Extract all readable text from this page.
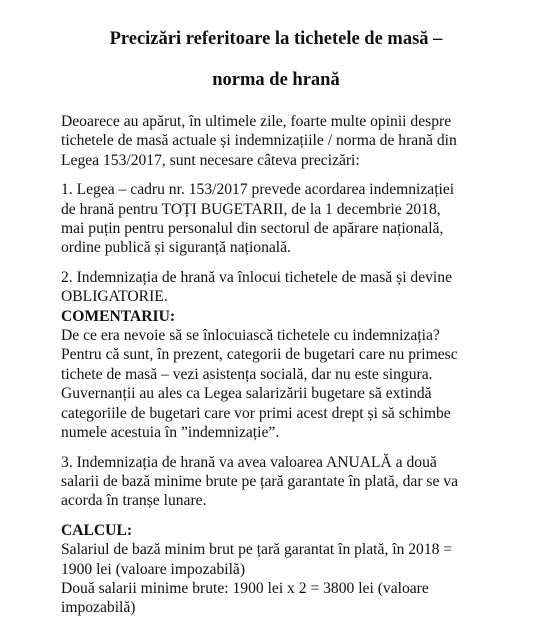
Precizări referitoare la tichetele de masă –

norma de hrană

Deoarece au apărut, în ultimele zile, foarte multe opinii despre
tichetele de masă actuale și indemnizațiile / norma de hrană din
Legea 153/2017, sunt necesare câteva precizări:

1. Legea – cadru nr. 153/2017 prevede acordarea indemnizației
de hrană pentru TOȚI BUGETARII, de la 1 decembrie 2018,
mai puțin pentru personalul din sectorul de apărare națională,
ordine publică și siguranță națională.

2. Indemnizația de hrană va înlocui tichetele de masă și devine
OBLIGATORIE.
COMENTARIU:
De ce era nevoie să se înlocuiască tichetele cu indemnizația?
Pentru că sunt, în prezent, categorii de bugetari care nu primesc
tichete de masă – vezi asistența socială, dar nu este singura.
Guvernanții au ales ca Legea salarizării bugetare să extindă
categoriile de bugetari care vor primi acest drept și să schimbe
numele acestuia în ”indemnizație”.

3. Indemnizația de hrană va avea valoarea ANUALĂ a două
salarii de bază minime brute pe țară garantate în plată, dar se va
acorda în tranșe lunare.

CALCUL:
Salariul de bază minim brut pe țară garantat în plată, în 2018 =
1900 lei (valoare impozabilă)
Două salarii minime brute: 1900 lei x 2 = 3800 lei (valoare
impozabilă)
